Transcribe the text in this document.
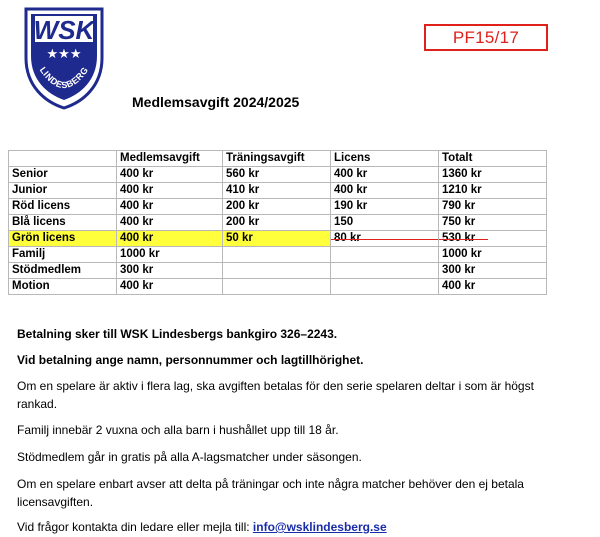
WSK
★★★
LINDESBERG
PF15/17
Medlemsavgift 2024/2025
	Medlemsavgift	Träningsavgift	Licens	Totalt
Senior	400 kr	560 kr	400 kr	1360 kr
Junior	400 kr	410 kr	400 kr	1210 kr
Röd licens	400 kr	200 kr	190 kr	790 kr
Blå licens	400 kr	200 kr	150	750 kr
Grön licens	400 kr	50 kr	80 kr	530 kr

Familj	1000 kr			1000 kr
Stödmedlem	300 kr			300 kr
Motion	400 kr			400 kr
Betalning sker till WSK Lindesbergs bankgiro 326–2243.
Vid betalning ange namn, personnummer och lagtillhörighet.
Om en spelare är aktiv i flera lag, ska avgiften betalas för den serie spelaren deltar i som är högst rankad.
Familj innebär 2 vuxna och alla barn i hushållet upp till 18 år.
Stödmedlem går in gratis på alla A-lagsmatcher under säsongen.
Om en spelare enbart avser att delta på träningar och inte några matcher behöver den ej betala licensavgiften.
Vid frågor kontakta din ledare eller mejla till: info@wsklindesberg.se
